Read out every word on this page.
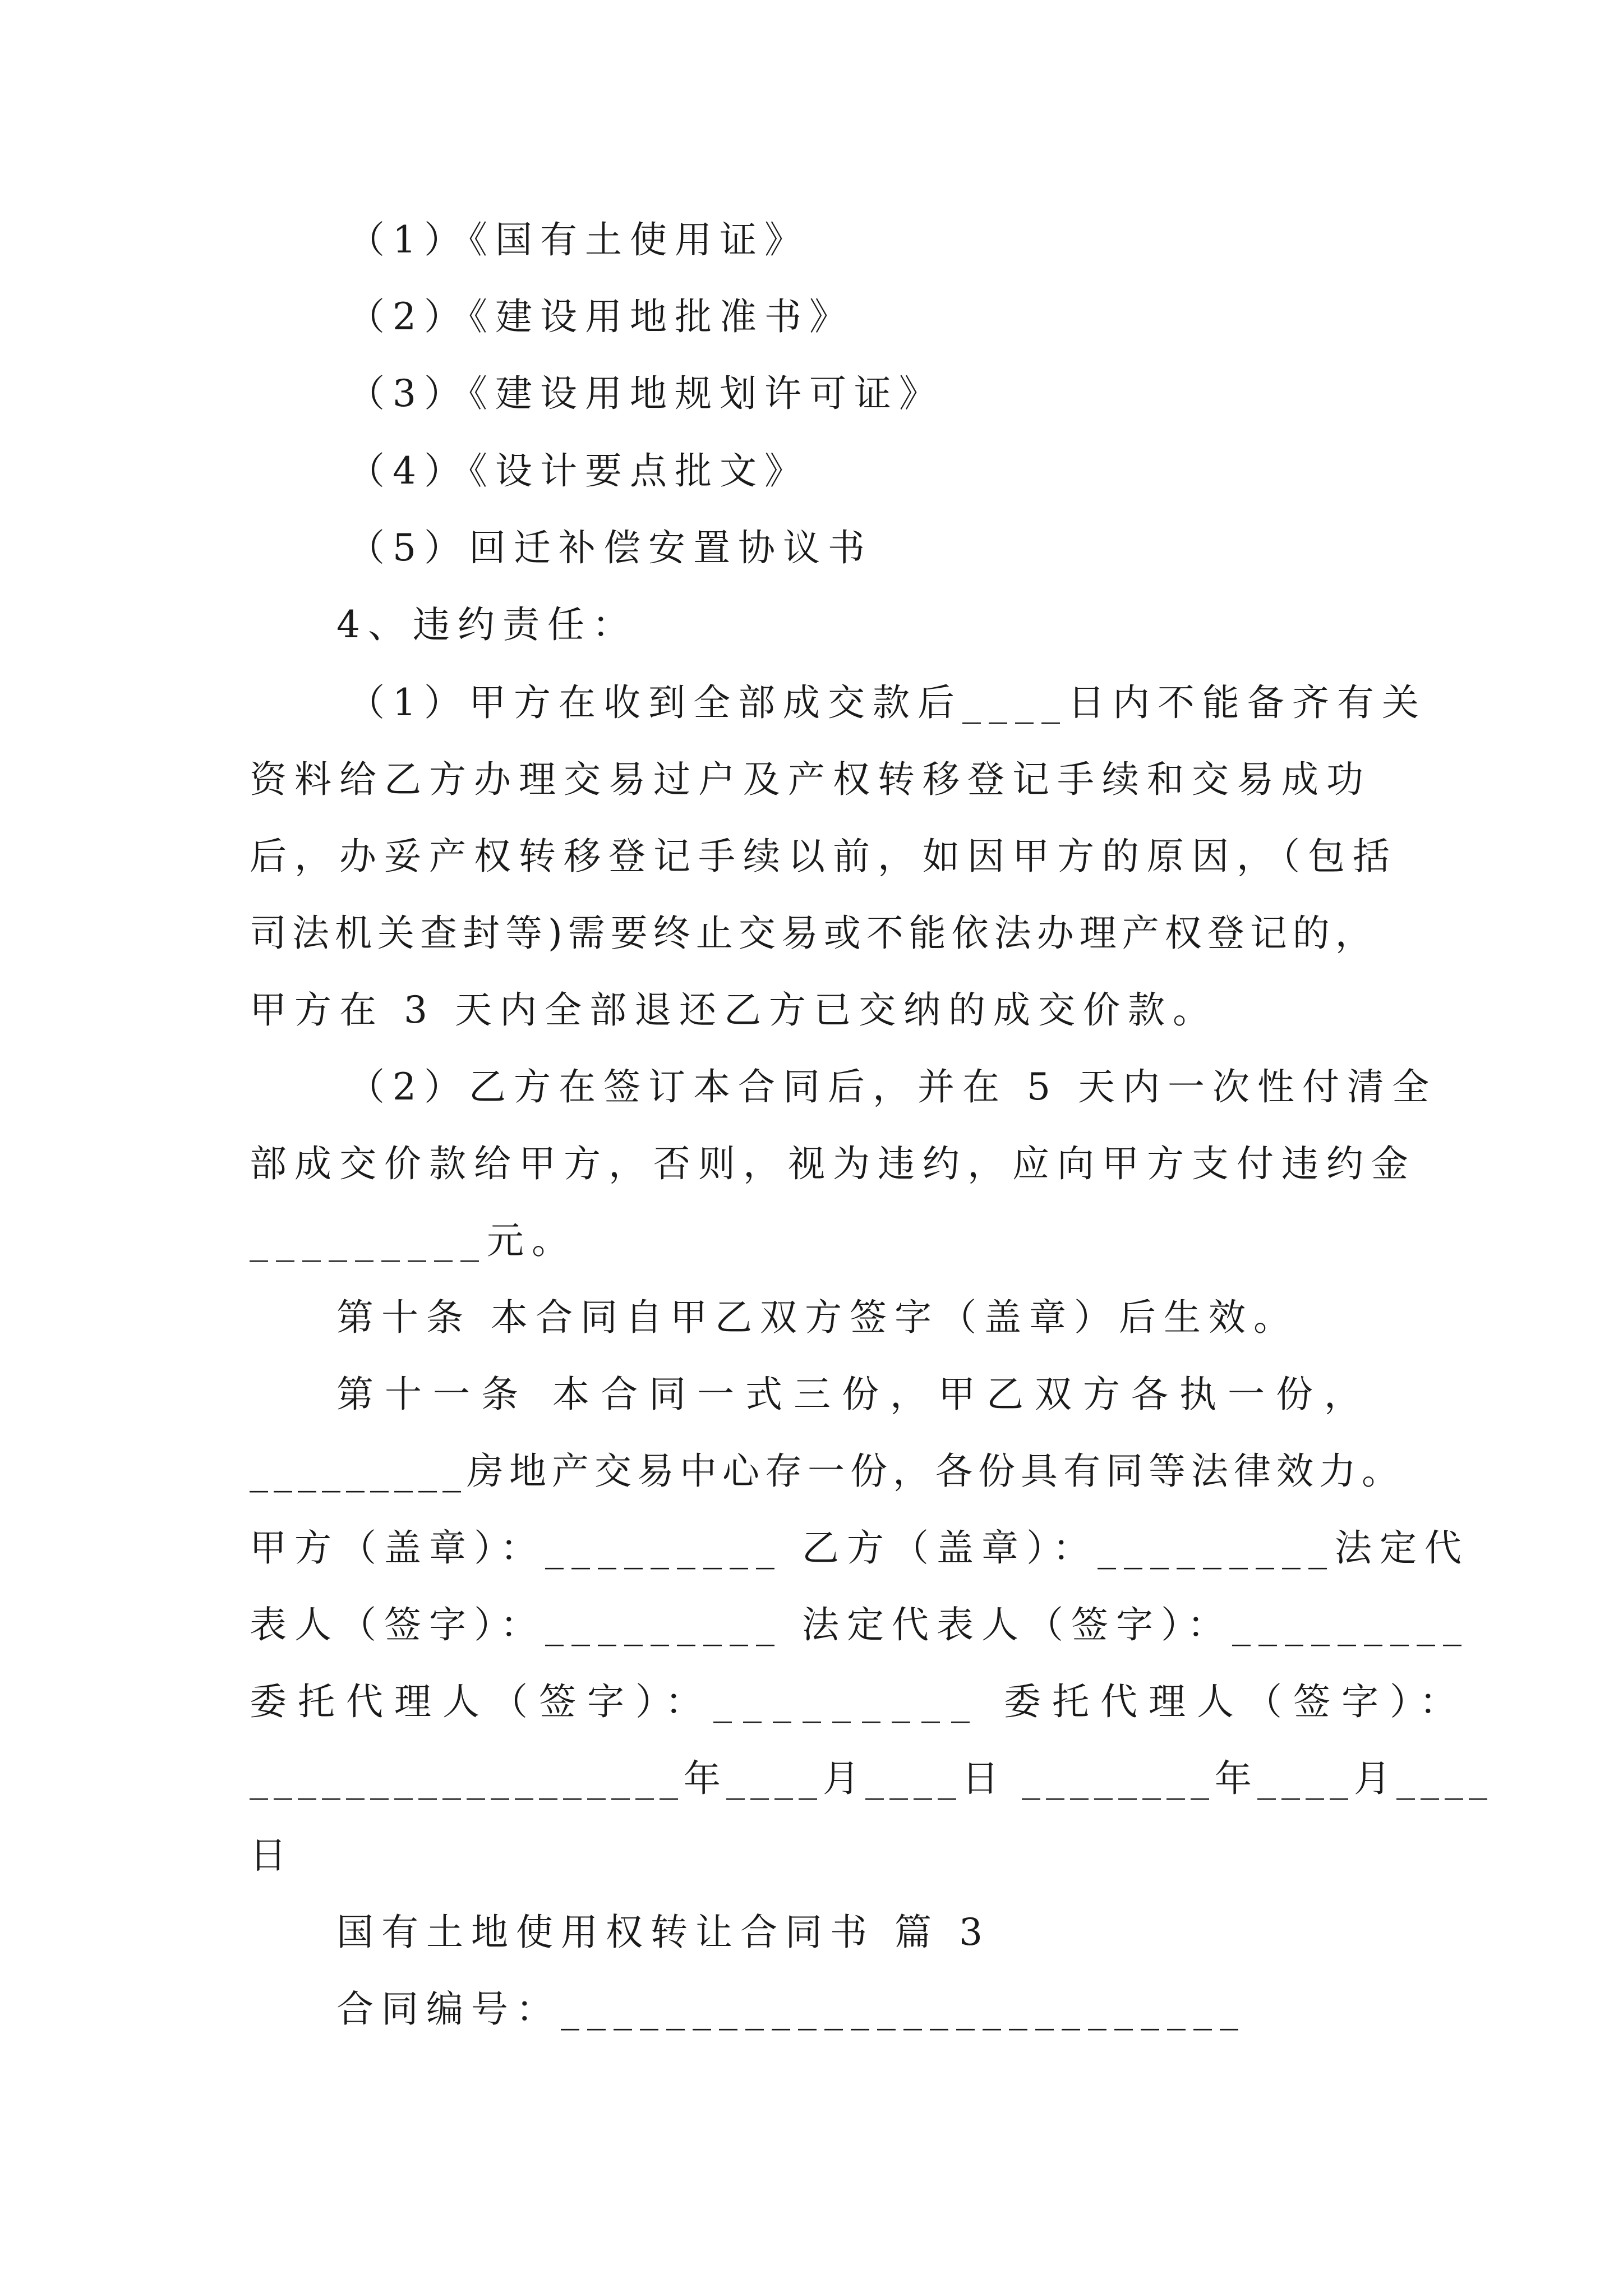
（1）《国有土使用证》
（2）《建设用地批准书》
（3）《建设用地规划许可证》
（4）《设计要点批文》
（5）回迁补偿安置协议书
4、违约责任：
（1）甲方在收到全部成交款后____日内不能备齐有关
资料给乙方办理交易过户及产权转移登记手续和交易成功
后，办妥产权转移登记手续以前，如因甲方的原因，（包括
司法机关查封等)需要终止交易或不能依法办理产权登记的，
甲方在 3 天内全部退还乙方已交纳的成交价款。
（2）乙方在签订本合同后，并在 5 天内一次性付清全
部成交价款给甲方，否则，视为违约，应向甲方支付违约金
_________元。
第十条 本合同自甲乙双方签字（盖章）后生效。
第十一条 本合同一式三份，甲乙双方各执一份，
_________房地产交易中心存一份，各份具有同等法律效力。
甲方（盖章）：_________ 乙方（盖章）：_________法定代
表人（签字）：_________ 法定代表人（签字）：_________
委托代理人（签字）：_________ 委托代理人（签字）：
__________________年____月____日 ________年____月____
日
国有土地使用权转让合同书 篇 3
合同编号：__________________________
